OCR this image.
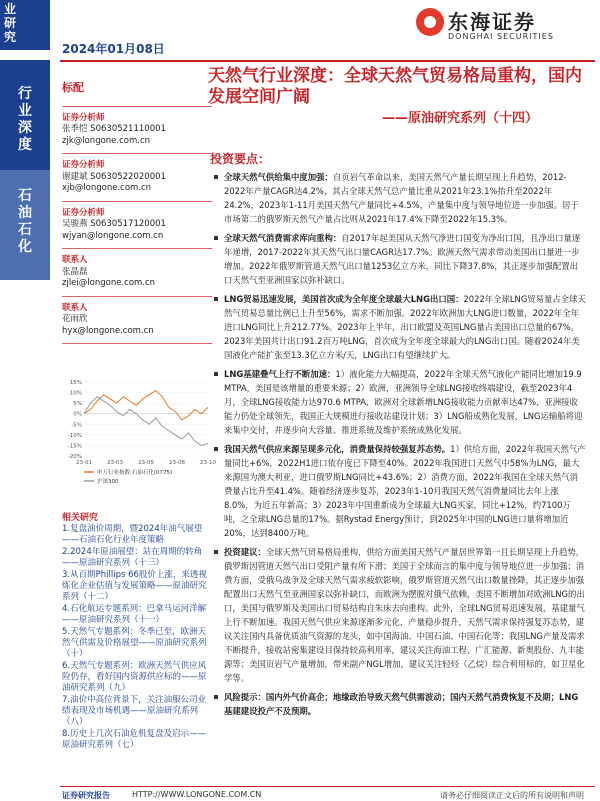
业研究
东海证券
DONGHAI SECURITIES
2024年01月08日
行业深度
石油石化
标配
证券分析师
张季恺 S0630521110001
zjk@longone.com.cn
证券分析师
谢建斌 S0630522020001
xjb@longone.com.cn
证券分析师
吴骏燕 S0630517120001
wjyan@longone.com.cn
联系人
张晶磊
zjlei@longone.com.cn
联系人
花雨欣
hyx@longone.com.cn
15%
10%
5%
0%
-5%
-10%
-15%
-20%
23-01	23-03	23-05	23-08	23-10
申万行业指数:石油石化(0775)
沪深300
相关研究
1.复盘油价周期，暨2024年油气展望——石油石化行业年度策略
2.2024年原油展望：站在周期的转角——原油研究系列（十三）
3.从百期Phillips 66股价上涨，来透视炼化企业估值与发展策略——原油研究系列（十二）
4.石化航运专题系列：巴拿马运河洋解——原油研究系列（十一）
5.天然气专题系列：冬季已至，欧洲天然气供需及价格展望——原油研究系列（十）
6.天然气专题系列：欧洲天然气供应风险仍存，看好国内资源供应标的——原油研究系列（九）
7.油价中高位背景下，关注油服公司业绩表现及市场机遇——原油研究系列（八）
8.历史上几次石油危机复盘及启示——原油研究系列（七）
天然气行业深度：全球天然气贸易格局重构，国内发展空间广阔
——原油研究系列（十四）
投资要点：
全球天然气供给集中度加强：自页岩气革命以来，美国天然气产量长期呈现上升趋势，2012-2022年产量CAGR达4.2%，其占全球天然气总产量比重从2021年23.1%抬升至2022年24.2%，2023年1-11月美国天然气产量同比+4.5%，产量集中度与领导地位进一步加强。居于市场第二的俄罗斯天然气产量占比则从2021年17.4%下降至2022年15.3%。
全球天然气消费需求库向重构：自2017年起美国从天然气净进口国变为净出口国，且净出口量逐年递增，2017-2022年其天然气出口量CAGR达17.7%。欧洲天然气需求带动美国出口量进一步增加。2022年俄罗斯管道天然气出口量1253亿立方米，同比下降37.8%，其正逐步加强配置出口天然气至亚洲国家以弥补缺口。
LNG贸易迅速发展，美国首次成为全年度全球最大LNG出口国：2022年全球LNG贸易量占全球天然气贸易总量比例已上升至56%，需求不断加强。2022年欧洲加大LNG进口数量，2022年全年进口LNG同比上升212.77%。2023年上半年，出口欧盟及英国LNG量占美国出口总量的67%。2023年美国共计出口91.2百万吨LNG，首次成为全年度全球最大的LNG出口国。随着2024年美国液化产能扩张至13.3亿立方米/天，LNG出口有望继续扩大。
LNG基建叠气上行不断加速：1）液化能力大幅提高，2022年全球天然气液化产能同比增加19.9 MTPA，美国是该增量的重要来源；2）欧洲，亚洲领导全球LNG接收终端建设，截至2023年4月，全球LNG接收能力达970.6 MTPA，欧洲对全球新增LNG接收能力贡献率达47%，亚洲接收能力仍处全球领先，我国正大规模进行接收站建设计划；3）LNG船成熟化发展，LNG运输船将迎来集中交付，并逐步向大容量、推进系统及维护系统成熟化发展。
我国天然气供应来源呈现多元化，消费量保持较强复苏态势。1）供给方面，2022年我国天然气产量同比+6%，2022H1进口依存度已下降至40%。2022年我国进口天然气中58%为LNG，最大来源国为澳大利亚，进口俄罗斯LNG同比+43.6%；2）消费方面，2022年我国在全球天然气消费量占比升至41.4%。随着经济逐步复苏，2023年1-10月我国天然气消费量同比去年上涨8.0%，为近五年新高；3）2023年中国重新成为全球最大LNG买家，同比+12%，约7100万吨，之全球LNG总量的17%。据Rystad Energy预计，到2025年中国的LNG进口量将增加近20%，达到8400万吨。
投资建议：全球天然气贸易格局重构，供给方面美国天然气产量居世界第一且长期呈现上升趋势，俄罗斯因管道天然气出口受阻产量有所下滑；美国于全球而言的集中度与领导地位进一步加强；消费方面，受俄乌战争及全球天然气需求疲软影响，俄罗斯管道天然气出口数量挫降，其正逐步加强配置出口天然气至亚洲国家以弥补缺口，而欧洲为摆脱对俄气依赖，美国不断增加对欧洲LNG的出口，美国与俄罗斯及美国出口贸易结构自朱床去向重构。此外，全球LNG贸易迅速发展，基建量气上行不断加速。我国天然气供应来源逐渐多元化，产量稳步提升，天然气需求保持强复苏态势，建议关注国内具备优质油气资源的龙头，如中国海油、中国石油、中国石化等；我国LNG产量及需求不断提升，接收站密集建设目保持较高利用率，建议关注海油工程、广汇能源、新奥股份、九丰能源等；美国页岩气产量增加，带来副产NGL增加，建议关注轻烃（乙烷）综合利用标的，如卫星化学等。
风险提示：国内外气价高企；地缘政治导致天然气供需波动；国内天然气消费恢复不及期；LNG基建建设投产不及预期。
证券研究报告	HTTP://WWW.LONGONE.COM.CN	请务必仔细阅读正文后的所有说明和声明
